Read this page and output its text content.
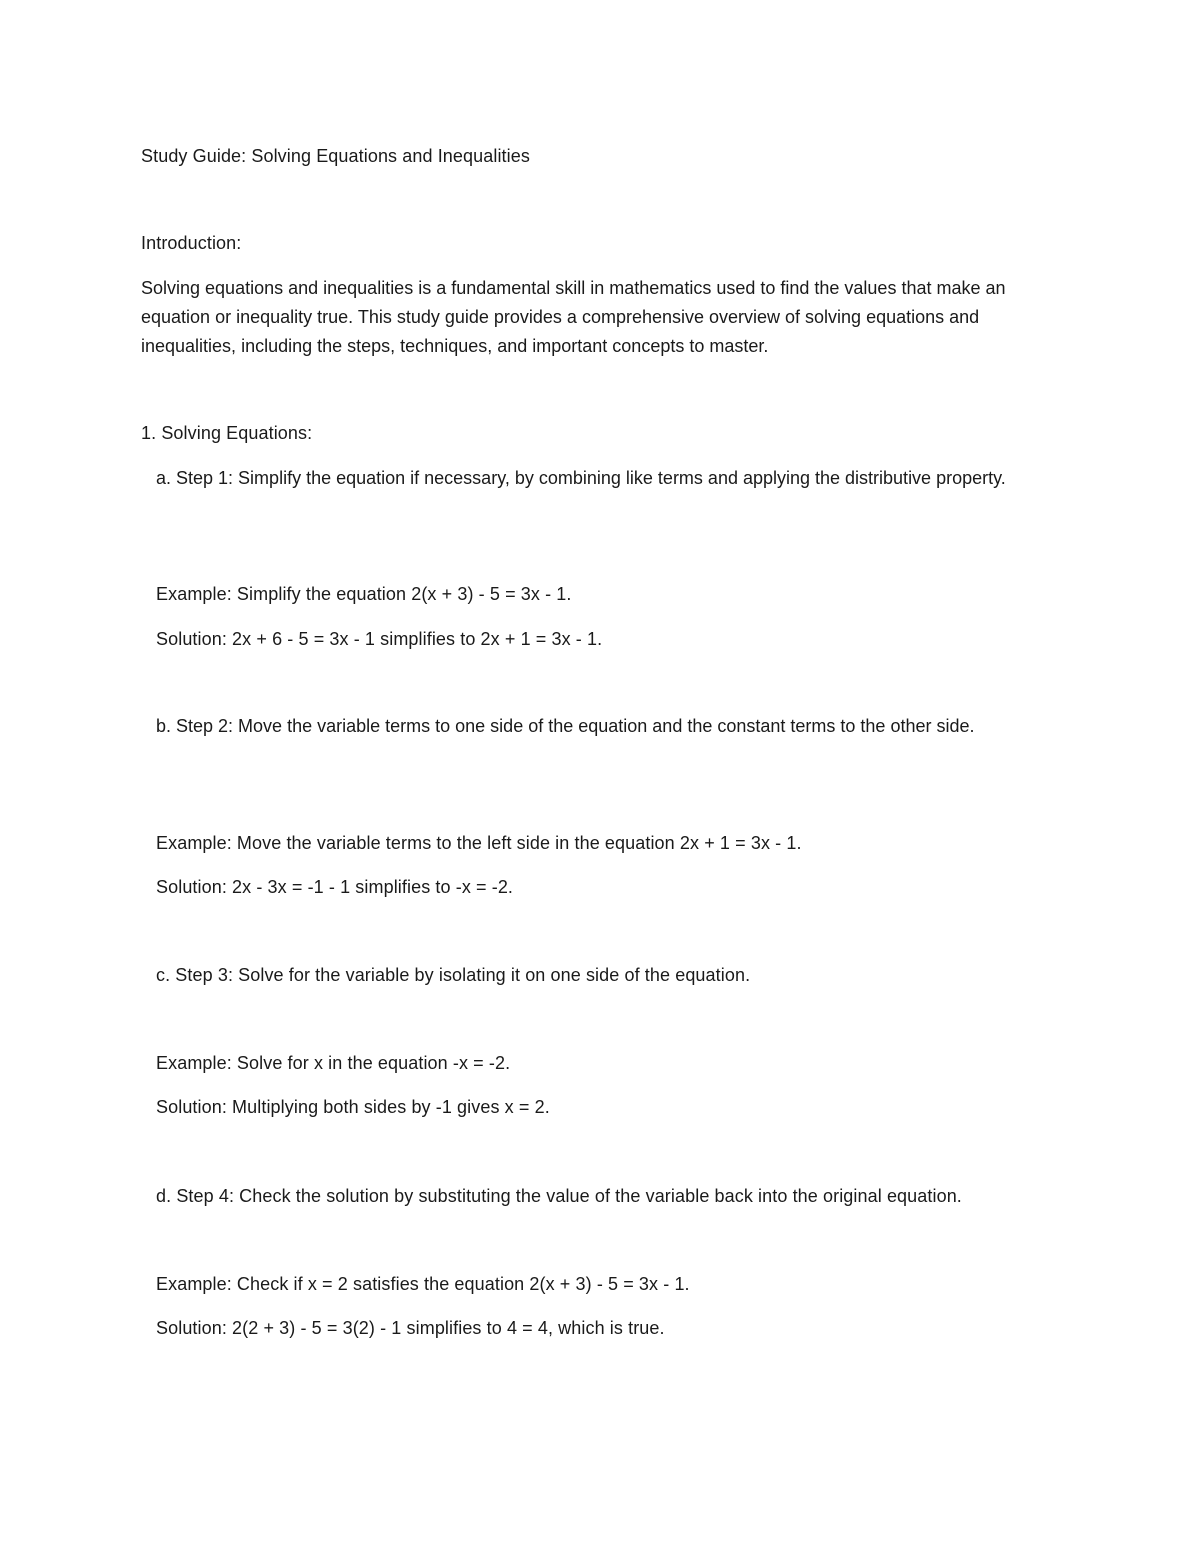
Study Guide: Solving Equations and Inequalities
Introduction:
Solving equations and inequalities is a fundamental skill in mathematics used to find the values that make an equation or inequality true. This study guide provides a comprehensive overview of solving equations and inequalities, including the steps, techniques, and important concepts to master.
1. Solving Equations:
a. Step 1: Simplify the equation if necessary, by combining like terms and applying the distributive property.
Example: Simplify the equation 2(x + 3) - 5 = 3x - 1.
Solution: 2x + 6 - 5 = 3x - 1 simplifies to 2x + 1 = 3x - 1.
b. Step 2: Move the variable terms to one side of the equation and the constant terms to the other side.
Example: Move the variable terms to the left side in the equation 2x + 1 = 3x - 1.
Solution: 2x - 3x = -1 - 1 simplifies to -x = -2.
c. Step 3: Solve for the variable by isolating it on one side of the equation.
Example: Solve for x in the equation -x = -2.
Solution: Multiplying both sides by -1 gives x = 2.
d. Step 4: Check the solution by substituting the value of the variable back into the original equation.
Example: Check if x = 2 satisfies the equation 2(x + 3) - 5 = 3x - 1.
Solution: 2(2 + 3) - 5 = 3(2) - 1 simplifies to 4 = 4, which is true.
